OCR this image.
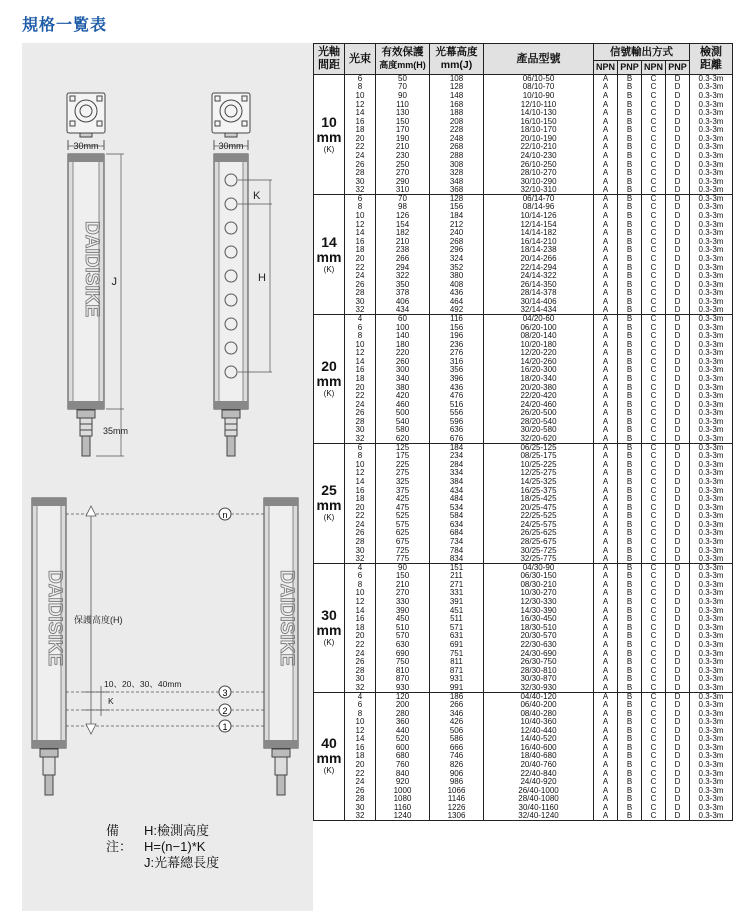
規格一覧表
DAIDISIKE
30mm
J
35mm
30mm
K
H
DAIDISIKE	DAIDISIKE
n
3
2
1
保護高度(H)
10、20、30、40mm
K
光軸
間距	光束	有效保護
高度mm(H)	光幕高度
mm(J)	產品型號	信號輸出方式				檢測
距離
					NPN	PNP	NPN	PNP	

10
mm
(K)	6	50	108	06/10-50	A	B	C	D	0.3-3m
	8	70	128	08/10-70	A	B	C	D	0.3-3m
	10	90	148	10/10-90	A	B	C	D	0.3-3m
	12	110	168	12/10-110	A	B	C	D	0.3-3m
	14	130	188	14/10-130	A	B	C	D	0.3-3m
	16	150	208	16/10-150	A	B	C	D	0.3-3m
	18	170	228	18/10-170	A	B	C	D	0.3-3m
	20	190	248	20/10-190	A	B	C	D	0.3-3m
	22	210	268	22/10-210	A	B	C	D	0.3-3m
	24	230	288	24/10-230	A	B	C	D	0.3-3m
	26	250	308	26/10-250	A	B	C	D	0.3-3m
	28	270	328	28/10-270	A	B	C	D	0.3-3m
	30	290	348	30/10-290	A	B	C	D	0.3-3m
	32	310	368	32/10-310	A	B	C	D	0.3-3m

14
mm
(K)	6	70	128	06/14-70	A	B	C	D	0.3-3m
	8	98	156	08/14-96	A	B	C	D	0.3-3m
	10	126	184	10/14-126	A	B	C	D	0.3-3m
	12	154	212	12/14-154	A	B	C	D	0.3-3m
	14	182	240	14/14-182	A	B	C	D	0.3-3m
	16	210	268	16/14-210	A	B	C	D	0.3-3m
	18	238	296	18/14-238	A	B	C	D	0.3-3m
	20	266	324	20/14-266	A	B	C	D	0.3-3m
	22	294	352	22/14-294	A	B	C	D	0.3-3m
	24	322	380	24/14-322	A	B	C	D	0.3-3m
	26	350	408	26/14-350	A	B	C	D	0.3-3m
	28	378	436	28/14-378	A	B	C	D	0.3-3m
	30	406	464	30/14-406	A	B	C	D	0.3-3m
	32	434	492	32/14-434	A	B	C	D	0.3-3m

20
mm
(K)	4	60	116	04/20-60	A	B	C	D	0.3-3m
	6	100	156	06/20-100	A	B	C	D	0.3-3m
	8	140	196	08/20-140	A	B	C	D	0.3-3m
	10	180	236	10/20-180	A	B	C	D	0.3-3m
	12	220	276	12/20-220	A	B	C	D	0.3-3m
	14	260	316	14/20-260	A	B	C	D	0.3-3m
	16	300	356	16/20-300	A	B	C	D	0.3-3m
	18	340	396	18/20-340	A	B	C	D	0.3-3m
	20	380	436	20/20-380	A	B	C	D	0.3-3m
	22	420	476	22/20-420	A	B	C	D	0.3-3m
	24	460	516	24/20-460	A	B	C	D	0.3-3m
	26	500	556	26/20-500	A	B	C	D	0.3-3m
	28	540	596	28/20-540	A	B	C	D	0.3-3m
	30	580	636	30/20-580	A	B	C	D	0.3-3m
	32	620	676	32/20-620	A	B	C	D	0.3-3m

25
mm
(K)	6	125	184	06/25-125	A	B	C	D	0.3-3m
	8	175	234	08/25-175	A	B	C	D	0.3-3m
	10	225	284	10/25-225	A	B	C	D	0.3-3m
	12	275	334	12/25-275	A	B	C	D	0.3-3m
	14	325	384	14/25-325	A	B	C	D	0.3-3m
	16	375	434	16/25-375	A	B	C	D	0.3-3m
	18	425	484	18/25-425	A	B	C	D	0.3-3m
	20	475	534	20/25-475	A	B	C	D	0.3-3m
	22	525	584	22/25-525	A	B	C	D	0.3-3m
	24	575	634	24/25-575	A	B	C	D	0.3-3m
	26	625	684	26/25-625	A	B	C	D	0.3-3m
	28	675	734	28/25-675	A	B	C	D	0.3-3m
	30	725	784	30/25-725	A	B	C	D	0.3-3m
	32	775	834	32/25-775	A	B	C	D	0.3-3m

30
mm
(K)	4	90	151	04/30-90	A	B	C	D	0.3-3m
	6	150	211	06/30-150	A	B	C	D	0.3-3m
	8	210	271	08/30-210	A	B	C	D	0.3-3m
	10	270	331	10/30-270	A	B	C	D	0.3-3m
	12	330	391	12/30-330	A	B	C	D	0.3-3m
	14	390	451	14/30-390	A	B	C	D	0.3-3m
	16	450	511	16/30-450	A	B	C	D	0.3-3m
	18	510	571	18/30-510	A	B	C	D	0.3-3m
	20	570	631	20/30-570	A	B	C	D	0.3-3m
	22	630	691	22/30-630	A	B	C	D	0.3-3m
	24	690	751	24/30-690	A	B	C	D	0.3-3m
	26	750	811	26/30-750	A	B	C	D	0.3-3m
	28	810	871	28/30-810	A	B	C	D	0.3-3m
	30	870	931	30/30-870	A	B	C	D	0.3-3m
	32	930	991	32/30-930	A	B	C	D	0.3-3m

40
mm
(K)	4	120	186	04/40-120	A	B	C	D	0.3-3m
	6	200	266	06/40-200	A	B	C	D	0.3-3m
	8	280	346	08/40-280	A	B	C	D	0.3-3m
	10	360	426	10/40-360	A	B	C	D	0.3-3m
	12	440	506	12/40-440	A	B	C	D	0.3-3m
	14	520	586	14/40-520	A	B	C	D	0.3-3m
	16	600	666	16/40-600	A	B	C	D	0.3-3m
	18	680	746	18/40-680	A	B	C	D	0.3-3m
	20	760	826	20/40-760	A	B	C	D	0.3-3m
	22	840	906	22/40-840	A	B	C	D	0.3-3m
	24	920	986	24/40-920	A	B	C	D	0.3-3m
	26	1000	1066	26/40-1000	A	B	C	D	0.3-3m
	28	1080	1146	28/40-1080	A	B	C	D	0.3-3m
	30	1160	1226	30/40-1160	A	B	C	D	0.3-3m
	32	1240	1306	32/40-1240	A	B	C	D	0.3-3m
備注：
H:檢測高度
H=(n−1)*K
J:光幕總長度
